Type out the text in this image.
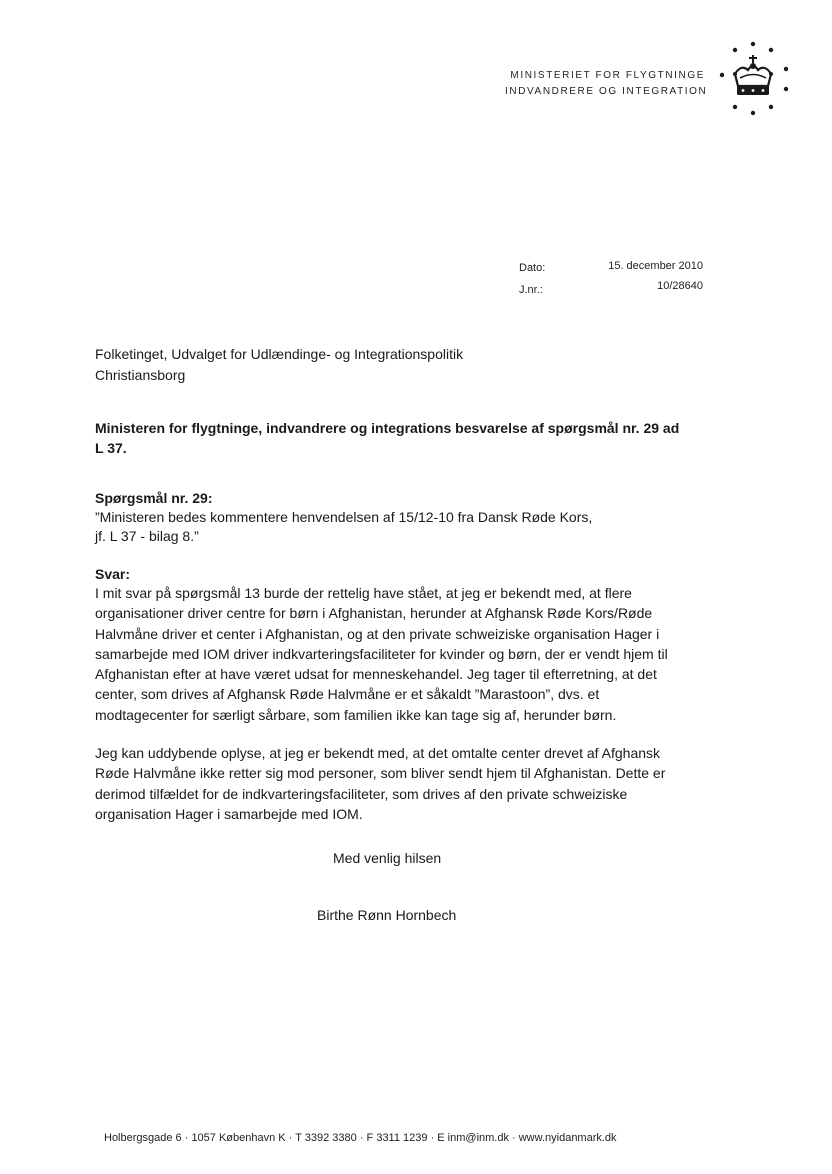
MINISTERIET FOR FLYGTNINGE
INDVANDRERE OG INTEGRATION
Dato:	15. december 2010
J.nr.:	10/28640
Folketinget, Udvalget for Udlændinge- og Integrationspolitik
Christiansborg
Ministeren for flygtninge, indvandrere og integrations besvarelse af spørgsmål nr. 29 ad L 37.
Spørgsmål nr. 29:
”Ministeren bedes kommentere henvendelsen af 15/12-10 fra Dansk Røde Kors,
jf. L 37 - bilag 8.”
Svar:
I mit svar på spørgsmål 13 burde der rettelig have stået, at jeg er bekendt med, at flere organisationer driver centre for børn i Afghanistan, herunder at Afghansk Røde Kors/Røde Halvmåne driver et center i Afghanistan, og at den private schweiziske organisation Hager i samarbejde med IOM driver indkvarteringsfaciliteter for kvinder og børn, der er vendt hjem til Afghanistan efter at have været udsat for menneskehandel. Jeg tager til efterretning, at det center, som drives af Afghansk Røde Halvmåne er et såkaldt ”Marastoon”, dvs. et modtagecenter for særligt sårbare, som familien ikke kan tage sig af, herunder børn.
Jeg kan uddybende oplyse, at jeg er bekendt med, at det omtalte center drevet af Afghansk Røde Halvmåne ikke retter sig mod personer, som bliver sendt hjem til Afghanistan. Dette er derimod tilfældet for de indkvarteringsfaciliteter, som drives af den private schweiziske organisation Hager i samarbejde med IOM.
Med venlig hilsen
Birthe Rønn Hornbech
Holbergsgade 6 · 1057 København K · T 3392 3380 · F 3311 1239 · E inm@inm.dk · www.nyidanmark.dk
